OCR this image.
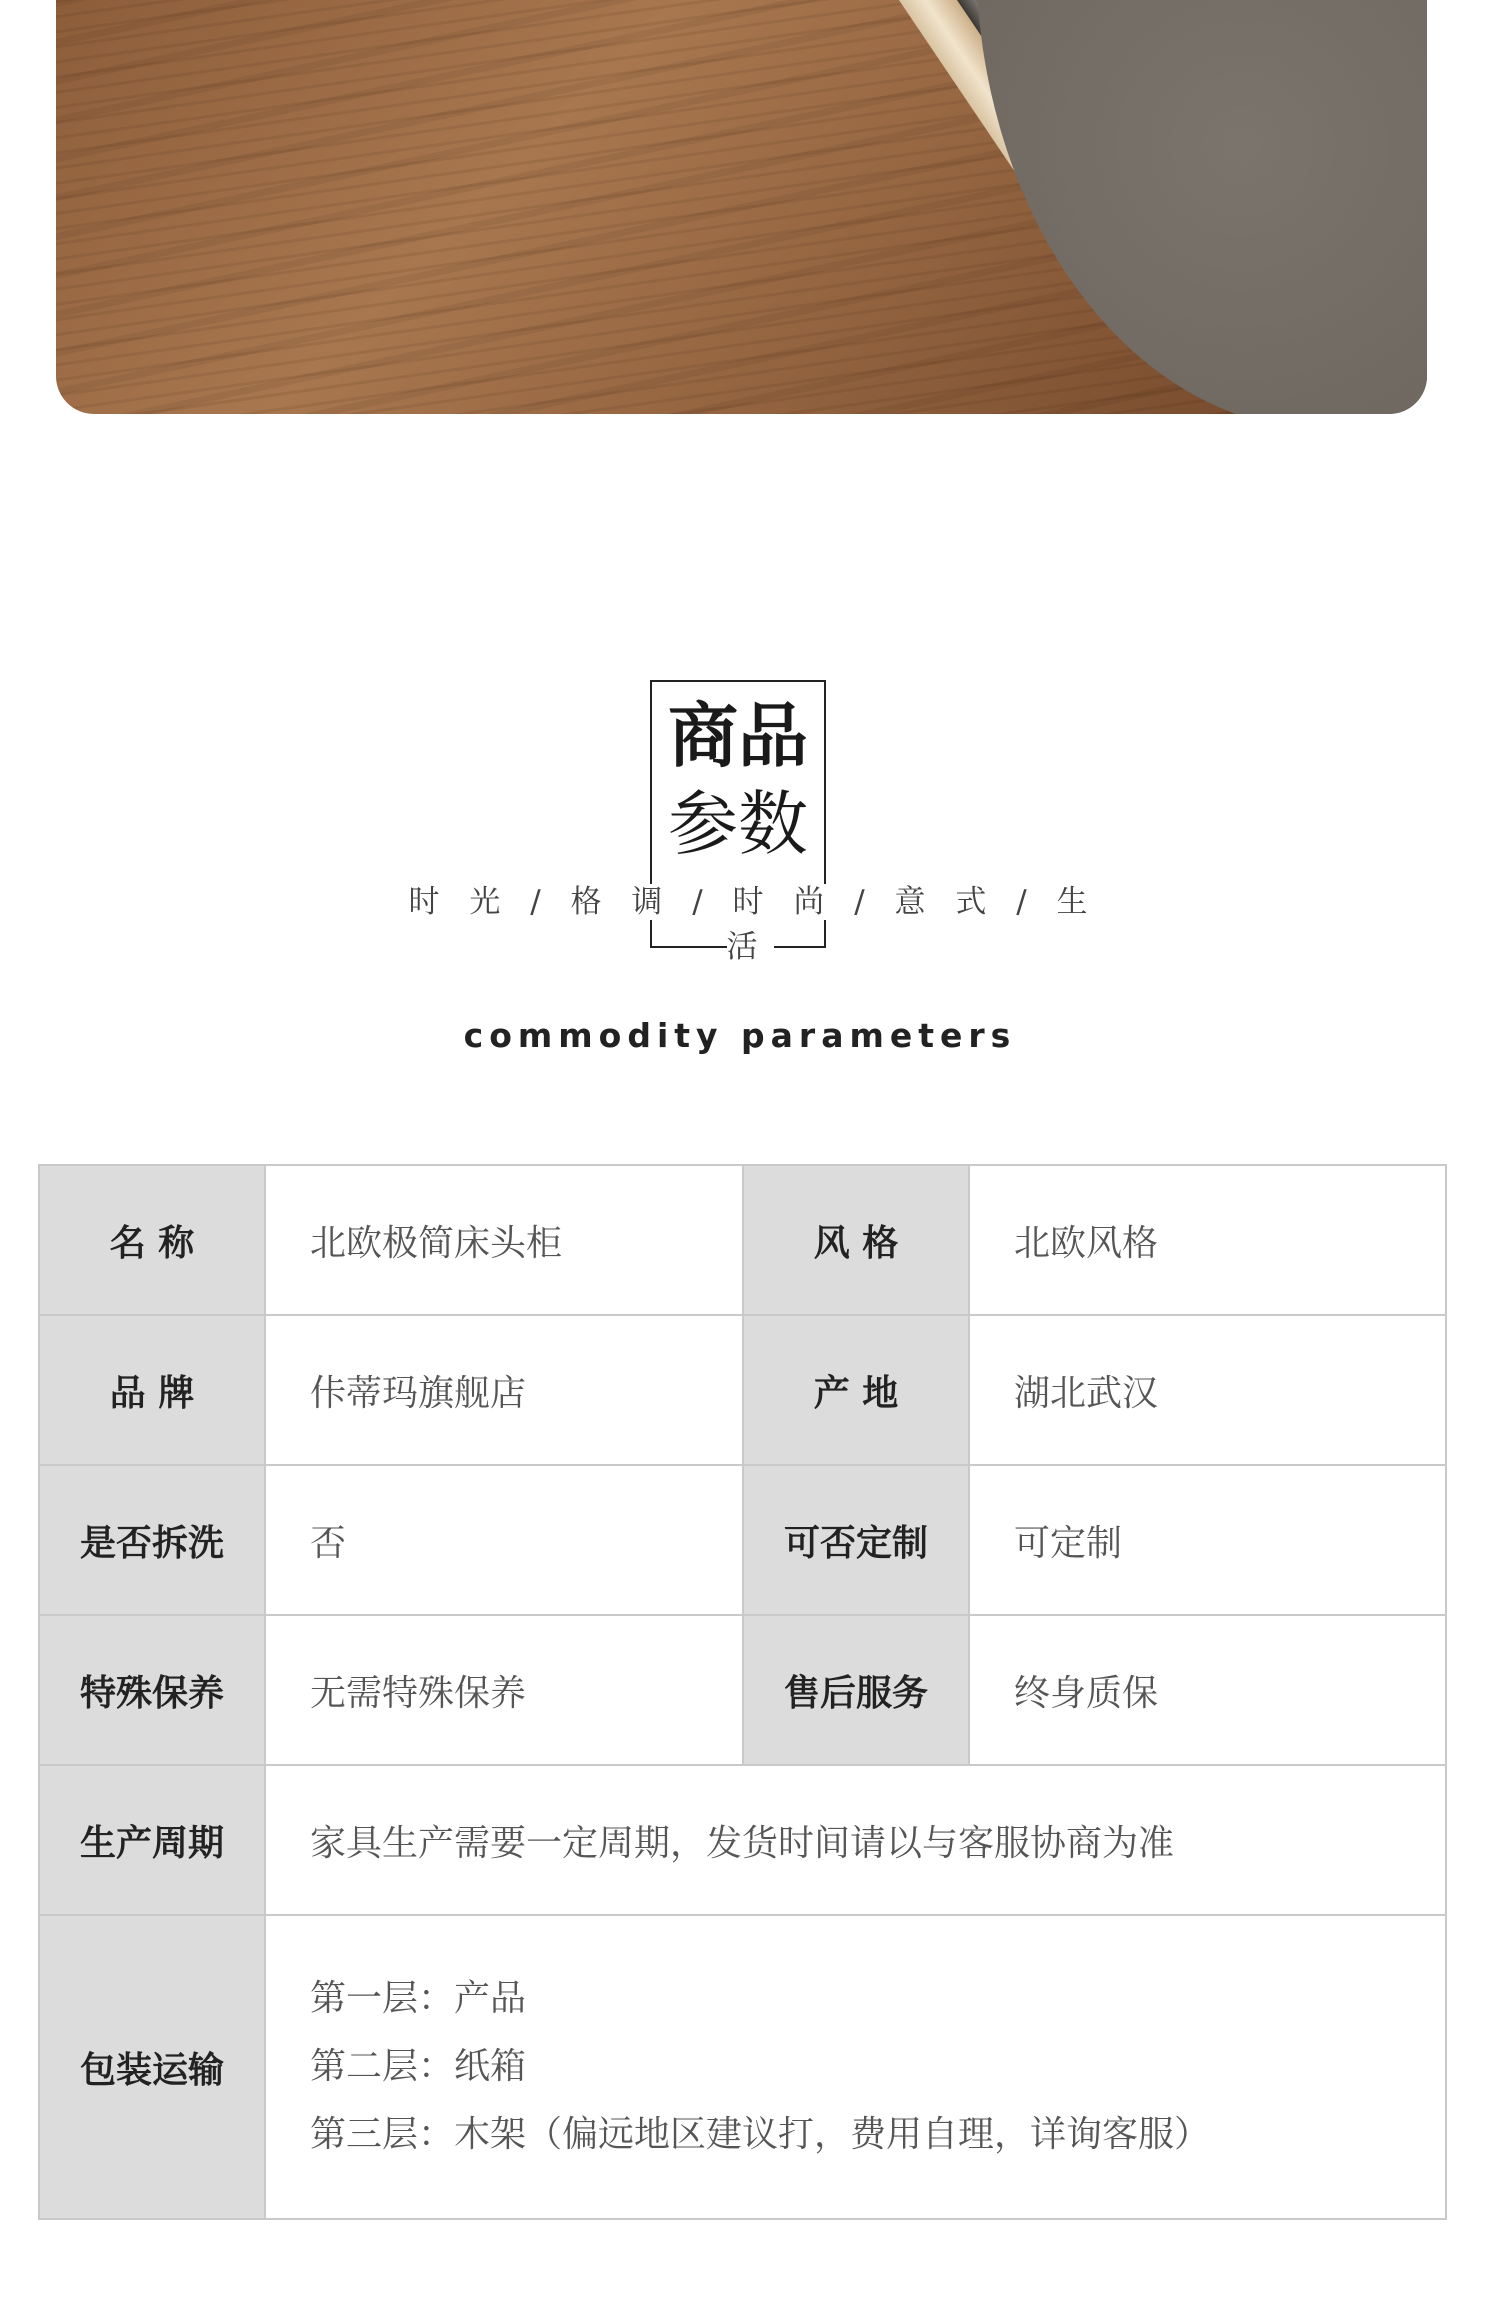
商品
参数
时 光 / 格 调 / 时 尚 / 意 式 / 生 活
commodity parameters
名 称	北欧极简床头柜	风 格	北欧风格
品 牌	佧蒂玛旗舰店	产 地	湖北武汉
是否拆洗	否	可否定制	可定制
特殊保养	无需特殊保养	售后服务	终身质保
生产周期	家具生产需要一定周期，发货时间请以与客服协商为准		
包装运输	第一层：产品
第二层：纸箱
第三层：木架（偏远地区建议打，费用自理，详询客服）		
